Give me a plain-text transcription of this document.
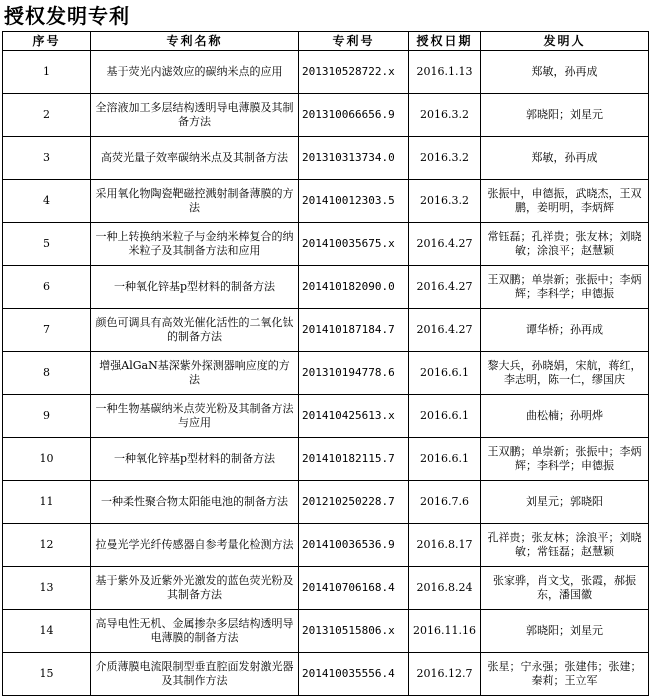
授权发明专利
序号	专利名称	专利号	授权日期	发明人
1	基于荧光内滤效应的碳纳米点的应用	201310528722.x	2016.1.13	郑敏，孙再成
2	全溶液加工多层结构透明导电薄膜及其制备方法	201310066656.9	2016.3.2	郭晓阳；刘星元
3	高荧光量子效率碳纳米点及其制备方法	201310313734.0	2016.3.2	郑敏，孙再成
4	采用氧化物陶瓷靶磁控溅射制备薄膜的方法	201410012303.5	2016.3.2	张振中，申德振，武晓杰，王双鹏，姜明明，李炳辉
5	一种上转换纳米粒子与金纳米棒复合的纳米粒子及其制备方法和应用	201410035675.x	2016.4.27	常钰磊；孔祥贵；张友林；刘晓敏；涂浪平；赵慧颖
6	一种氧化锌基p型材料的制备方法	201410182090.0	2016.4.27	王双鹏；单崇新；张振中；李炳辉；李科学；申德振
7	颜色可调具有高效光催化活性的二氧化钛的制备方法	201410187184.7	2016.4.27	谭华桥；孙再成
8	增强AlGaN基深紫外探测器响应度的方法	201310194778.6	2016.6.1	黎大兵，孙晓娟，宋航，蒋红，李志明，陈一仁，缪国庆
9	一种生物基碳纳米点荧光粉及其制备方法与应用	201410425613.x	2016.6.1	曲松楠；孙明烨
10	一种氧化锌基p型材料的制备方法	201410182115.7	2016.6.1	王双鹏；单崇新；张振中；李炳辉；李科学；申德振
11	一种柔性聚合物太阳能电池的制备方法	201210250228.7	2016.7.6	刘星元；郭晓阳
12	拉曼光学光纤传感器自参考量化检测方法	201410036536.9	2016.8.17	孔祥贵；张友林；涂浪平；刘晓敏；常钰磊；赵慧颖
13	基于紫外及近紫外光激发的蓝色荧光粉及其制备方法	201410706168.4	2016.8.24	张家骅，肖文戈，张霞，郝振东，潘国徽
14	高导电性无机、金属掺杂多层结构透明导电薄膜的制备方法	201310515806.x	2016.11.16	郭晓阳；刘星元
15	介质薄膜电流限制型垂直腔面发射激光器及其制作方法	201410035556.4	2016.12.7	张星；宁永强；张建伟；张建；秦莉；王立军
